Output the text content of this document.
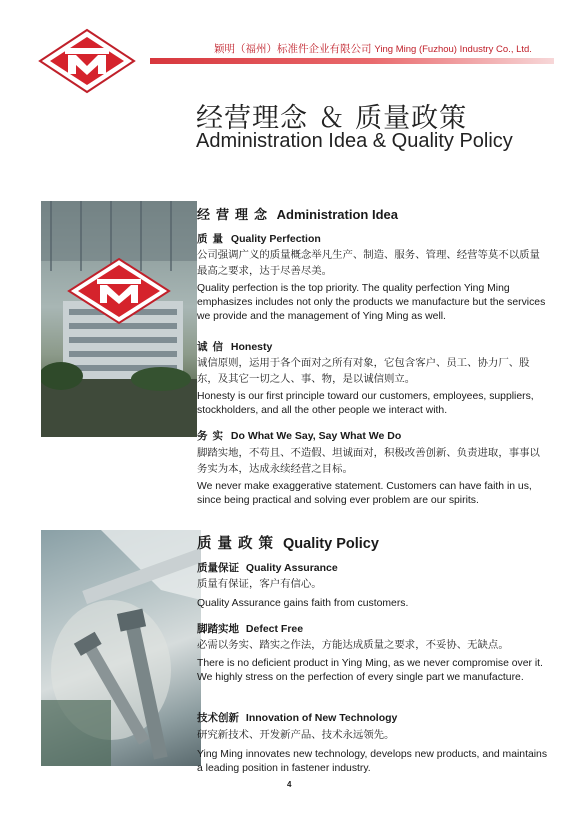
颖明（福州）标准件企业有限公司 Ying Ming (Fuzhou) Industry Co., Ltd.
经营理念 ＆ 质量政策
Administration Idea & Quality Policy
经营理念 Administration Idea
质量 Quality Perfection
公司强调广义的质量概念举凡生产、制造、服务、管理、经营等莫不以质量最高之要求，达于尽善尽美。
Quality perfection is the top priority. The quality perfection Ying Ming emphasizes includes not only the products we manufacture but the services we provide and the management of Ying Ming as well.
诚信 Honesty
诚信原则，运用于各个面对之所有对象，它包含客户、员工、协力厂、股东，及其它一切之人、事、物，是以诚信则立。
Honesty is our first principle toward our customers, employees, suppliers, stockholders, and all the other people we interact with.
务实 Do What We Say, Say What We Do
脚踏实地，不苟且、不造假、坦诚面对，积极改善创新、负责进取，事事以务实为本，达成永续经营之目标。
We never make exaggerative statement. Customers can have faith in us, since being practical and solving ever problem are our spirits.
质量政策 Quality Policy
质量保证 Quality Assurance
质量有保证，客户有信心。
Quality Assurance gains faith from customers.
脚踏实地 Defect Free
必需以务实、踏实之作法，方能达成质量之要求，不妥协、无缺点。
There is no deficient product in Ying Ming, as we never compromise over it. We highly stress on the perfection of every single part we manufacture.
技术创新 Innovation of New Technology
研究新技术、开发新产品、技术永远领先。
Ying Ming innovates new technology, develops new products, and maintains a leading position in fastener industry.
4
